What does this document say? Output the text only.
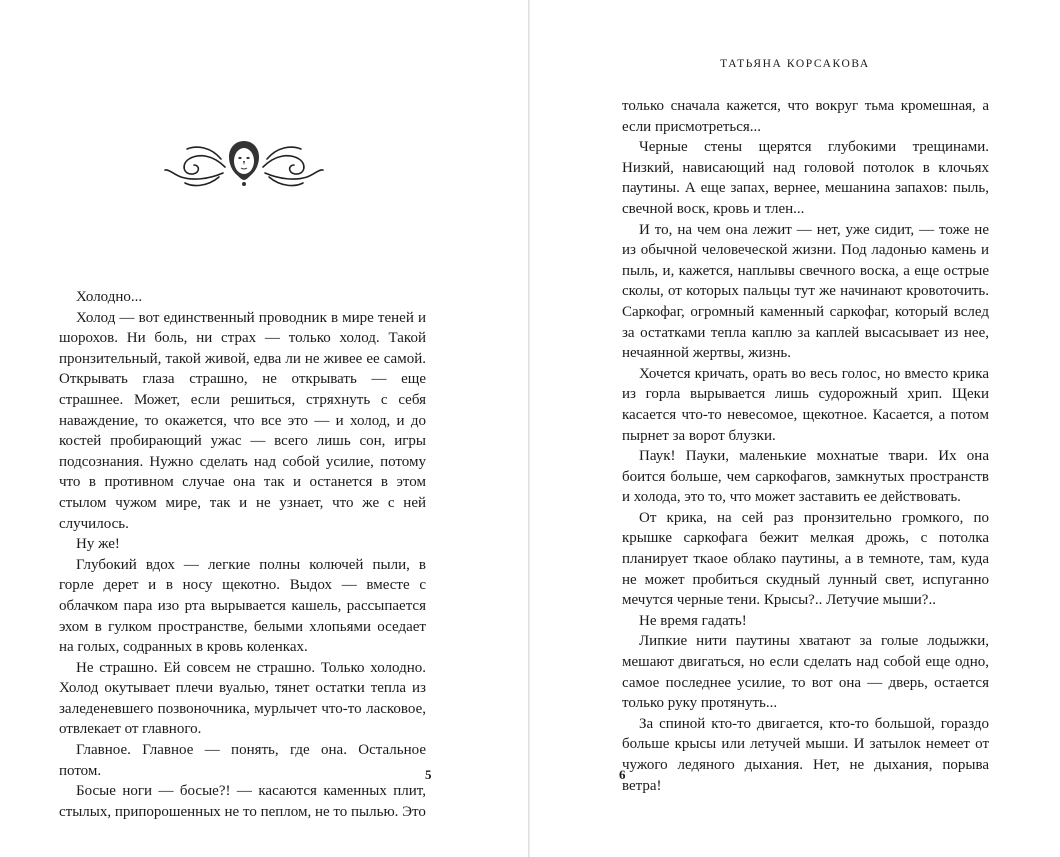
Холодно...

Холод — вот единственный проводник в мире теней и шорохов. Ни боль, ни страх — только холод. Такой пронзительный, такой живой, едва ли не живее ее самой. Открывать глаза страшно, не открывать — еще страшнее. Может, если решиться, стряхнуть с себя наваждение, то окажется, что все это — и холод, и до костей пробирающий ужас — всего лишь сон, игры подсознания. Нужно сделать над собой усилие, потому что в противном случае она так и останется в этом стылом чужом мире, так и не узнает, что же с ней случилось.

Ну же!

Глубокий вдох — легкие полны колючей пыли, в горле дерет и в носу щекотно. Выдох — вместе с облачком пара изо рта вырывается кашель, рассыпается эхом в гулком пространстве, белыми хлопьями оседает на голых, содранных в кровь коленках.

Не страшно. Ей совсем не страшно. Только холодно. Холод окутывает плечи вуалью, тянет остатки тепла из заледеневшего позвоночника, мурлычет что-то ласковое, отвлекает от главного.

Главное. Главное — понять, где она. Остальное потом.

Босые ноги — босые?! — касаются каменных плит, стылых, припорошенных не то пеплом, не то пылью. Это

5
ТАТЬЯНА КОРСАКОВА

только сначала кажется, что вокруг тьма кромешная, а если присмотреться...

Черные стены щерятся глубокими трещинами. Низкий, нависающий над головой потолок в клочьях паутины. А еще запах, вернее, мешанина запахов: пыль, свечной воск, кровь и тлен...

И то, на чем она лежит — нет, уже сидит, — тоже не из обычной человеческой жизни. Под ладонью камень и пыль, и, кажется, наплывы свечного воска, а еще острые сколы, от которых пальцы тут же начинают кровоточить. Саркофаг, огромный каменный саркофаг, который вслед за остатками тепла каплю за каплей высасывает из нее, нечаянной жертвы, жизнь.

Хочется кричать, орать во весь голос, но вместо крика из горла вырывается лишь судорожный хрип. Щеки касается что-то невесомое, щекотное. Касается, а потом пырнет за ворот блузки.

Паук! Пауки, маленькие мохнатые твари. Их она боится больше, чем саркофагов, замкнутых пространств и холода, это то, что может заставить ее действовать.

От крика, на сей раз пронзительно громкого, по крышке саркофага бежит мелкая дрожь, с потолка планирует ткаое облако паутины, а в темноте, там, куда не может пробиться скудный лунный свет, испуганно мечутся черные тени. Крысы?.. Летучие мыши?..

Не время гадать!

Липкие нити паутины хватают за голые лодыжки, мешают двигаться, но если сделать над собой еще одно, самое последнее усилие, то вот она — дверь, остается только руку протянуть...

За спиной кто-то двигается, кто-то большой, гораздо больше крысы или летучей мыши. И затылок немеет от чужого ледяного дыхания. Нет, не дыхания, порыва ветра!

6
